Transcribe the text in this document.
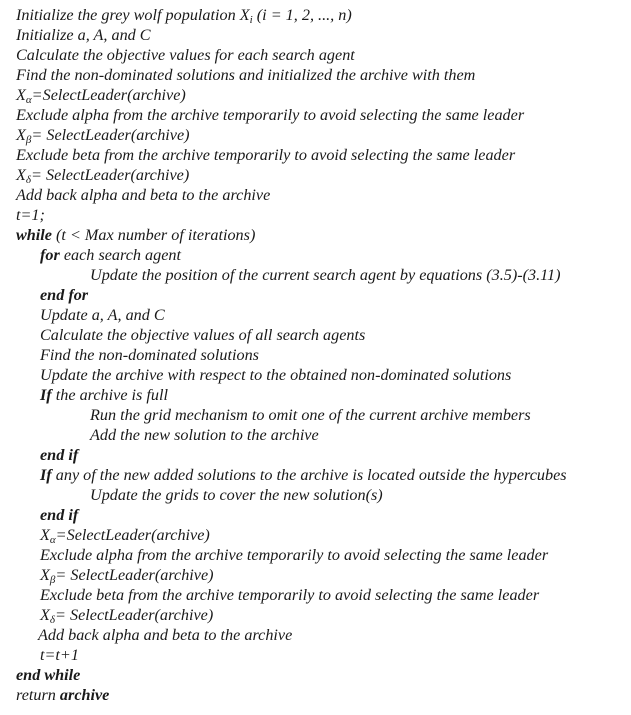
Initialize the grey wolf population $X_i$ (i = 1, 2, ..., n)
Initialize a, A, and C
Calculate the objective values for each search agent
Find the non-dominated solutions and initialized the archive with them
$X_\alpha=SelectLeader(archive)$
Exclude alpha from the archive temporarily to avoid selecting the same leader
$X_\beta=$ SelectLeader(archive)
Exclude beta from the archive temporarily to avoid selecting the same leader
$X_\delta=$ SelectLeader(archive)
Add back alpha and beta to the archive
t=1;
while (t < Max number of iterations)
for each search agent
Update the position of the current search agent by equations (3.5)-(3.11)
end for
Update a, A, and C
Calculate the objective values of all search agents
Find the non-dominated solutions
Update the archive with respect to the obtained non-dominated solutions
If the archive is full
Run the grid mechanism to omit one of the current archive members
Add the new solution to the archive
end if
If any of the new added solutions to the archive is located outside the hypercubes
Update the grids to cover the new solution(s)
end if
$X_\alpha=SelectLeader(archive)$
Exclude alpha from the archive temporarily to avoid selecting the same leader
$X_\beta=$ SelectLeader(archive)
Exclude beta from the archive temporarily to avoid selecting the same leader
$X_\delta=$ SelectLeader(archive)
Add back alpha and beta to the archive
t=t+1
end while
return archive
